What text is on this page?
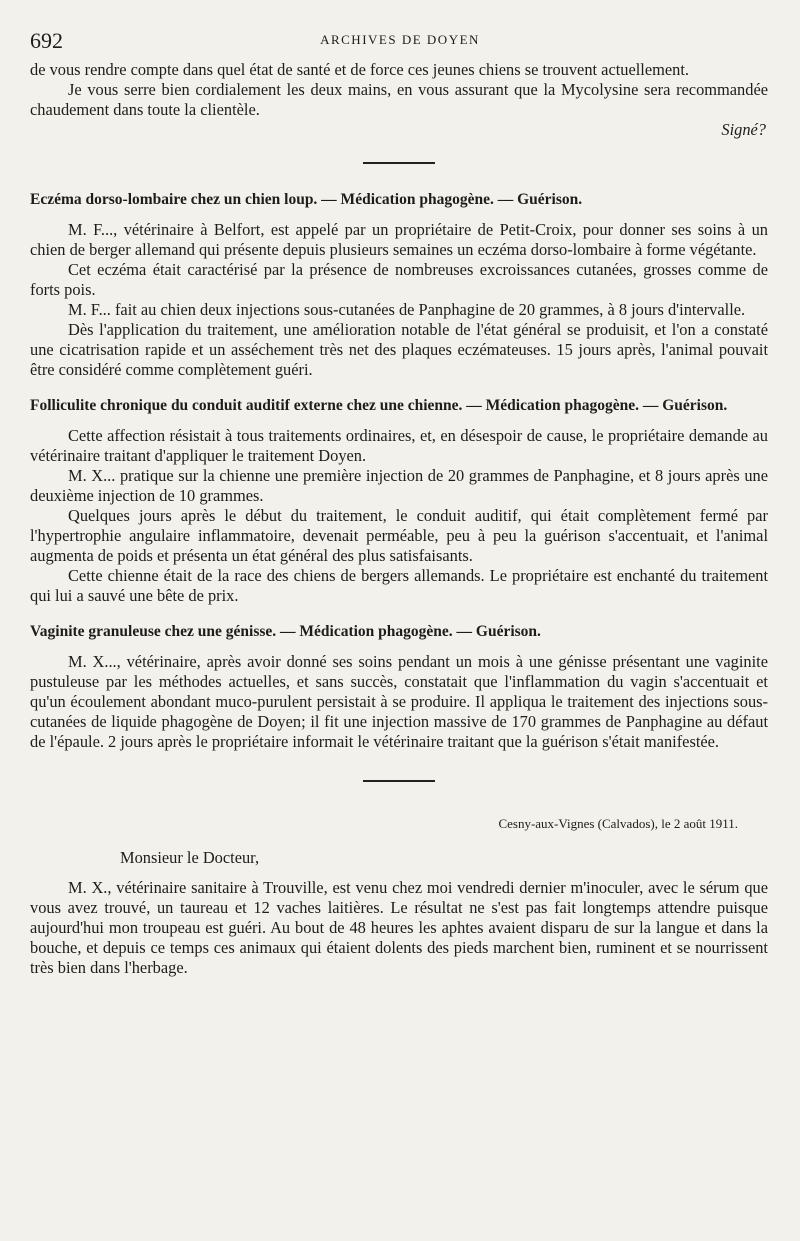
692	ARCHIVES DE DOYEN

de vous rendre compte dans quel état de santé et de force ces jeunes chiens se trouvent actuellement.

Je vous serre bien cordialement les deux mains, en vous assurant que la Mycolysine sera recommandée chaudement dans toute la clientèle.

Signé?

Eczéma dorso-lombaire chez un chien loup. — Médication phagogène. — Guérison.

M. F..., vétérinaire à Belfort, est appelé par un propriétaire de Petit-Croix, pour donner ses soins à un chien de berger allemand qui présente depuis plusieurs semaines un eczéma dorso-lombaire à forme végétante.

Cet eczéma était caractérisé par la présence de nombreuses excroissances cutanées, grosses comme de forts pois.

M. F... fait au chien deux injections sous-cutanées de Panphagine de 20 grammes, à 8 jours d'intervalle.

Dès l'application du traitement, une amélioration notable de l'état général se produisit, et l'on a constaté une cicatrisation rapide et un asséchement très net des plaques eczémateuses. 15 jours après, l'animal pouvait être considéré comme complètement guéri.

Folliculite chronique du conduit auditif externe chez une chienne. — Médication phagogène. — Guérison.

Cette affection résistait à tous traitements ordinaires, et, en désespoir de cause, le propriétaire demande au vétérinaire traitant d'appliquer le traitement Doyen.

M. X... pratique sur la chienne une première injection de 20 grammes de Panphagine, et 8 jours après une deuxième injection de 10 grammes.

Quelques jours après le début du traitement, le conduit auditif, qui était complètement fermé par l'hypertrophie angulaire inflammatoire, devenait perméable, peu à peu la guérison s'accentuait, et l'animal augmenta de poids et présenta un état général des plus satisfaisants.

Cette chienne était de la race des chiens de bergers allemands. Le propriétaire est enchanté du traitement qui lui a sauvé une bête de prix.

Vaginite granuleuse chez une génisse. — Médication phagogène. — Guérison.

M. X..., vétérinaire, après avoir donné ses soins pendant un mois à une génisse présentant une vaginite pustuleuse par les méthodes actuelles, et sans succès, constatait que l'inflammation du vagin s'accentuait et qu'un écoulement abondant muco-purulent persistait à se produire. Il appliqua le traitement des injections sous-cutanées de liquide phagogène de Doyen; il fit une injection massive de 170 grammes de Panphagine au défaut de l'épaule. 2 jours après le propriétaire informait le vétérinaire traitant que la guérison s'était manifestée.

Cesny-aux-Vignes (Calvados), le 2 août 1911.

Monsieur le Docteur,

M. X., vétérinaire sanitaire à Trouville, est venu chez moi vendredi dernier m'inoculer, avec le sérum que vous avez trouvé, un taureau et 12 vaches laitières. Le résultat ne s'est pas fait longtemps attendre puisque aujourd'hui mon troupeau est guéri. Au bout de 48 heures les aphtes avaient disparu de sur la langue et dans la bouche, et depuis ce temps ces animaux qui étaient dolents des pieds marchent bien, ruminent et se nourrissent très bien dans l'herbage.
